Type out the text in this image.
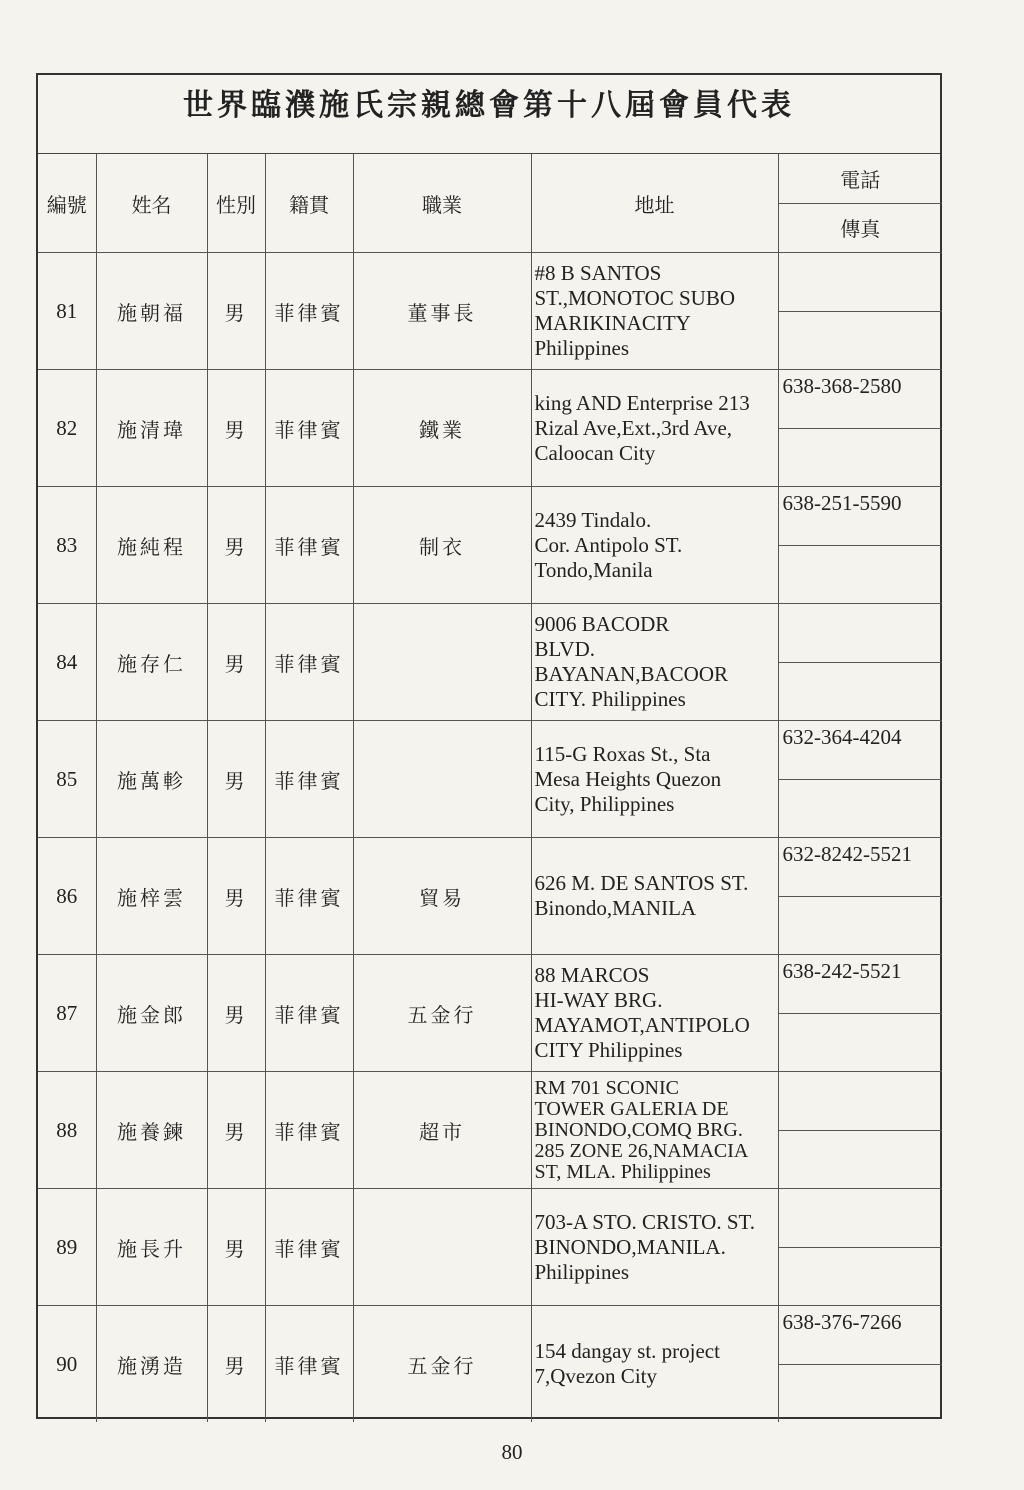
世界臨濮施氏宗親總會第十八屆會員代表
編號	姓名	性別	籍貫	職業	地址	電話
傳真

81	施朝福	男	菲律賓	董事長	#8 B SANTOS
ST.,MONOTOC SUBO
MARIKINACITY
Philippines	

82	施清瑋	男	菲律賓	鐵業	king AND Enterprise 213
Rizal Ave,Ext.,3rd Ave,
Caloocan City	638-368-2580

83	施純程	男	菲律賓	制衣	2439 Tindalo.
Cor. Antipolo ST.
Tondo,Manila	638-251-5590

84	施存仁	男	菲律賓		9006 BACODR
BLVD. BAYANAN,BACOOR
CITY. Philippines	

85	施萬軫	男	菲律賓		115-G Roxas St., Sta
Mesa Heights Quezon
City, Philippines	632-364-4204

86	施梓雲	男	菲律賓	貿易	626 M. DE SANTOS ST.
Binondo,MANILA	632-8242-5521

87	施金郎	男	菲律賓	五金行	88 MARCOS
HI-WAY BRG.
MAYAMOT,ANTIPOLO
CITY Philippines	638-242-5521

88	施養鍊	男	菲律賓	超市	RM 701 SCONIC
TOWER GALERIA DE
BINONDO,COMQ BRG.
285 ZONE 26,NAMACIA
ST, MLA. Philippines	

89	施長升	男	菲律賓		703-A STO. CRISTO. ST.
BINONDO,MANILA.
Philippines	

90	施湧造	男	菲律賓	五金行	154 dangay st. project
7,Qvezon City	638-376-7266
80
